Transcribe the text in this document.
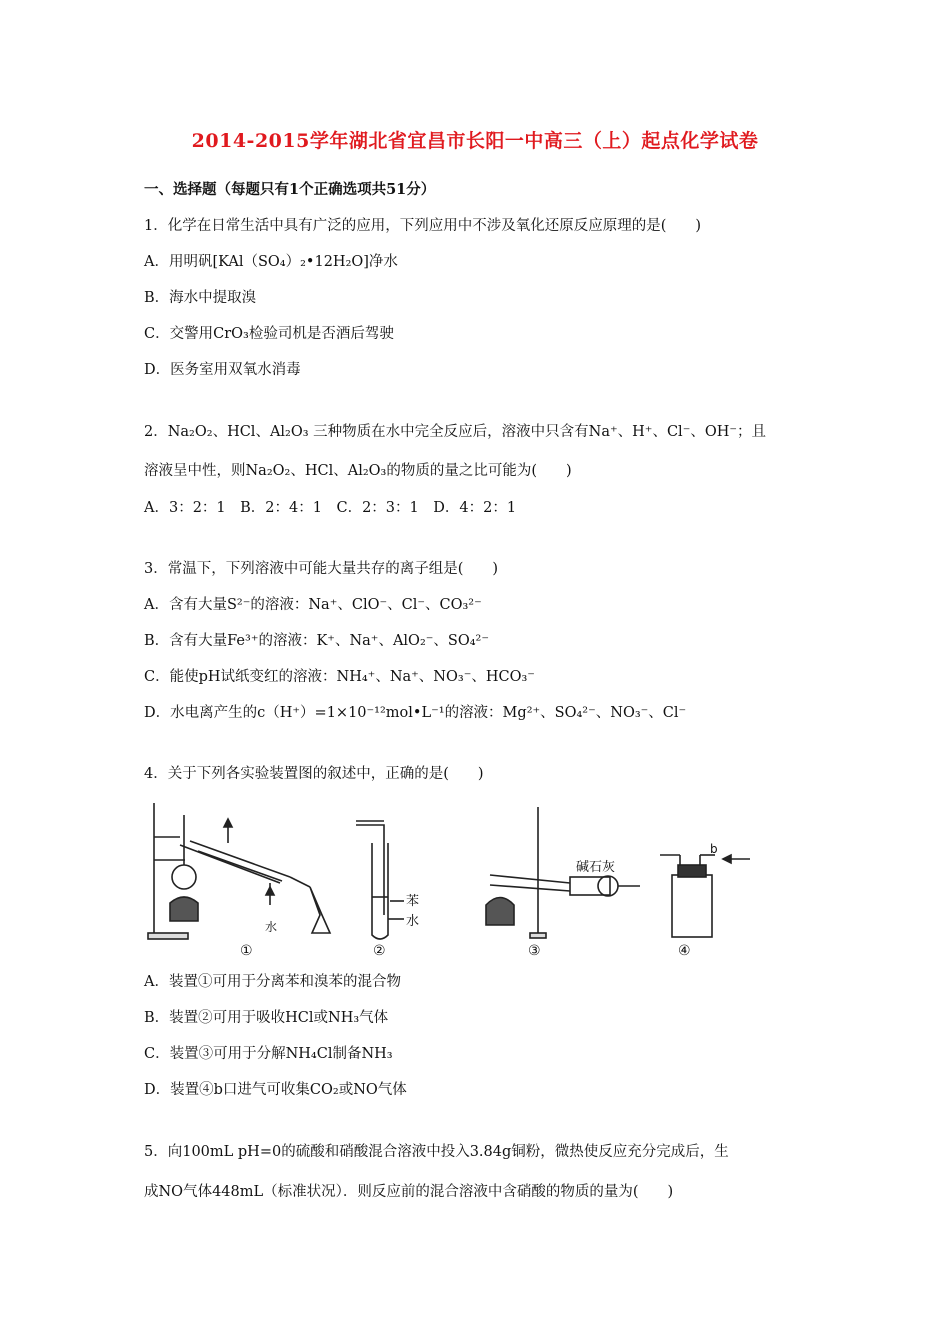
2014-2015学年湖北省宜昌市长阳一中高三（上）起点化学试卷
一、选择题（每题只有1个正确选项共51分）
1．化学在日常生活中具有广泛的应用，下列应用中不涉及氧化还原反应原理的是(　　)
A．用明矾[KAl（SO₄）₂•12H₂O]净水
B．海水中提取溴
C．交警用CrO₃检验司机是否酒后驾驶
D．医务室用双氧水消毒
2．Na₂O₂、HCl、Al₂O₃ 三种物质在水中完全反应后，溶液中只含有Na⁺、H⁺、Cl⁻、OH⁻；且
溶液呈中性，则Na₂O₂、HCl、Al₂O₃的物质的量之比可能为(　　)
A．3：2：1　B．2：4：1　C．2：3：1　D．4：2：1
3．常温下，下列溶液中可能大量共存的离子组是(　　)
A．含有大量S²⁻的溶液：Na⁺、ClO⁻、Cl⁻、CO₃²⁻
B．含有大量Fe³⁺的溶液：K⁺、Na⁺、AlO₂⁻、SO₄²⁻
C．能使pH试纸变红的溶液：NH₄⁺、Na⁺、NO₃⁻、HCO₃⁻
D．水电离产生的c（H⁺）=1×10⁻¹²mol•L⁻¹的溶液：Mg²⁺、SO₄²⁻、NO₃⁻、Cl⁻
4．关于下列各实验装置图的叙述中，正确的是(　　)
①	②	③	④
水
苯
水
碱石灰
b
A．装置①可用于分离苯和溴苯的混合物
B．装置②可用于吸收HCl或NH₃气体
C．装置③可用于分解NH₄Cl制备NH₃
D．装置④b口进气可收集CO₂或NO气体
5．向100mL pH=0的硫酸和硝酸混合溶液中投入3.84g铜粉，微热使反应充分完成后，生
成NO气体448mL（标准状况）．则反应前的混合溶液中含硝酸的物质的量为(　　)
